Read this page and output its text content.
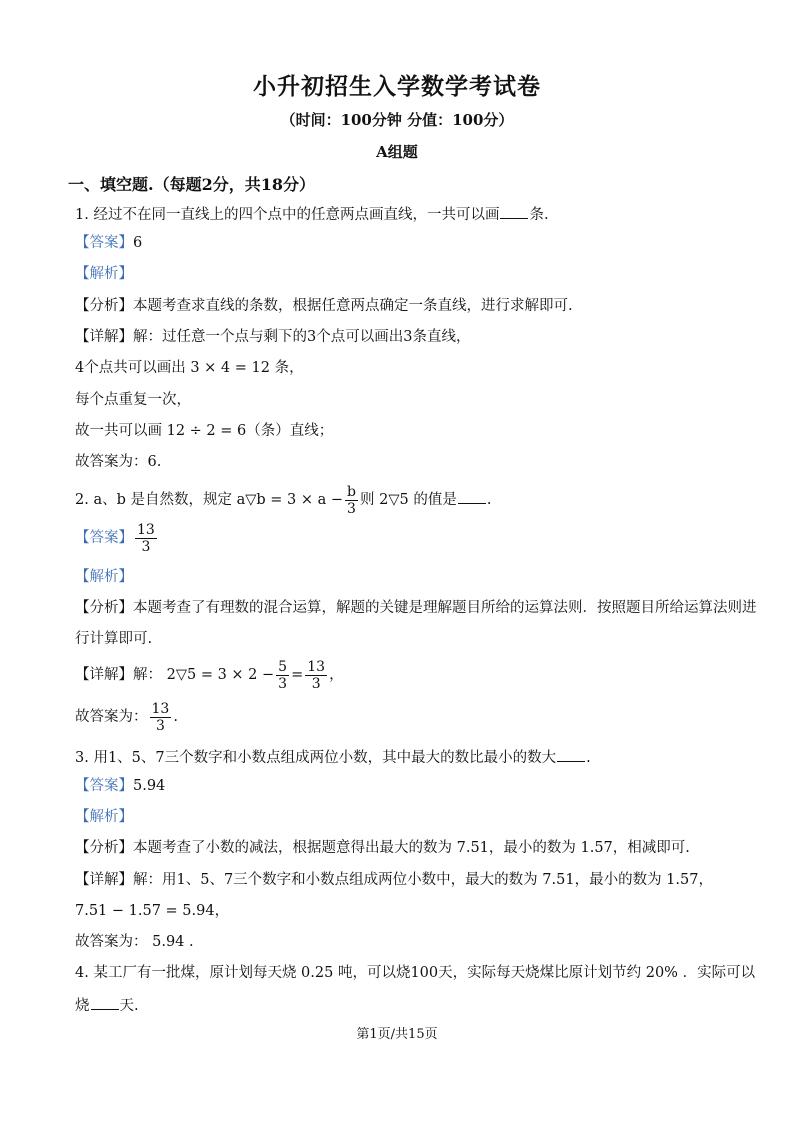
小升初招生入学数学考试卷
（时间：100分钟 分值：100分）
A组题
一、填空题.（每题2分，共18分）
1. 经过不在同一直线上的四个点中的任意两点画直线，一共可以画 条.
【答案】6
【解析】
【分析】本题考查求直线的条数，根据任意两点确定一条直线，进行求解即可.
【详解】解：过任意一个点与剩下的3个点可以画出3条直线，
4个点共可以画出 3 × 4 = 12 条，
每个点重复一次，
故一共可以画 12 ÷ 2 = 6（条）直线；
故答案为：6.
2. a、b 是自然数，规定 a▽b = $3 \times a - \frac{b}{3}$ 则 2▽5 的值是 .
【答案】 $\frac{13}{3}$
【解析】
【分析】本题考查了有理数的混合运算，解题的关键是理解题目所给的运算法则．按照题目所给运算法则进
行计算即可.
【详解】解： 2▽5 = $3 \times 2 - \frac{5}{3} = \frac{13}{3}$ ，
故答案为： $\frac{13}{3}$ .
3. 用1、5、7三个数字和小数点组成两位小数，其中最大的数比最小的数大 .
【答案】5.94
【解析】
【分析】本题考查了小数的减法，根据题意得出最大的数为 7.51，最小的数为 1.57，相减即可.
【详解】解：用1、5、7三个数字和小数点组成两位小数中，最大的数为 7.51，最小的数为 1.57，
7.51 − 1.57 = 5.94，
故答案为： 5.94 .
4. 某工厂有一批煤，原计划每天烧 0.25 吨，可以烧100天，实际每天烧煤比原计划节约 20% ．实际可以
烧 天.
第1页/共15页
